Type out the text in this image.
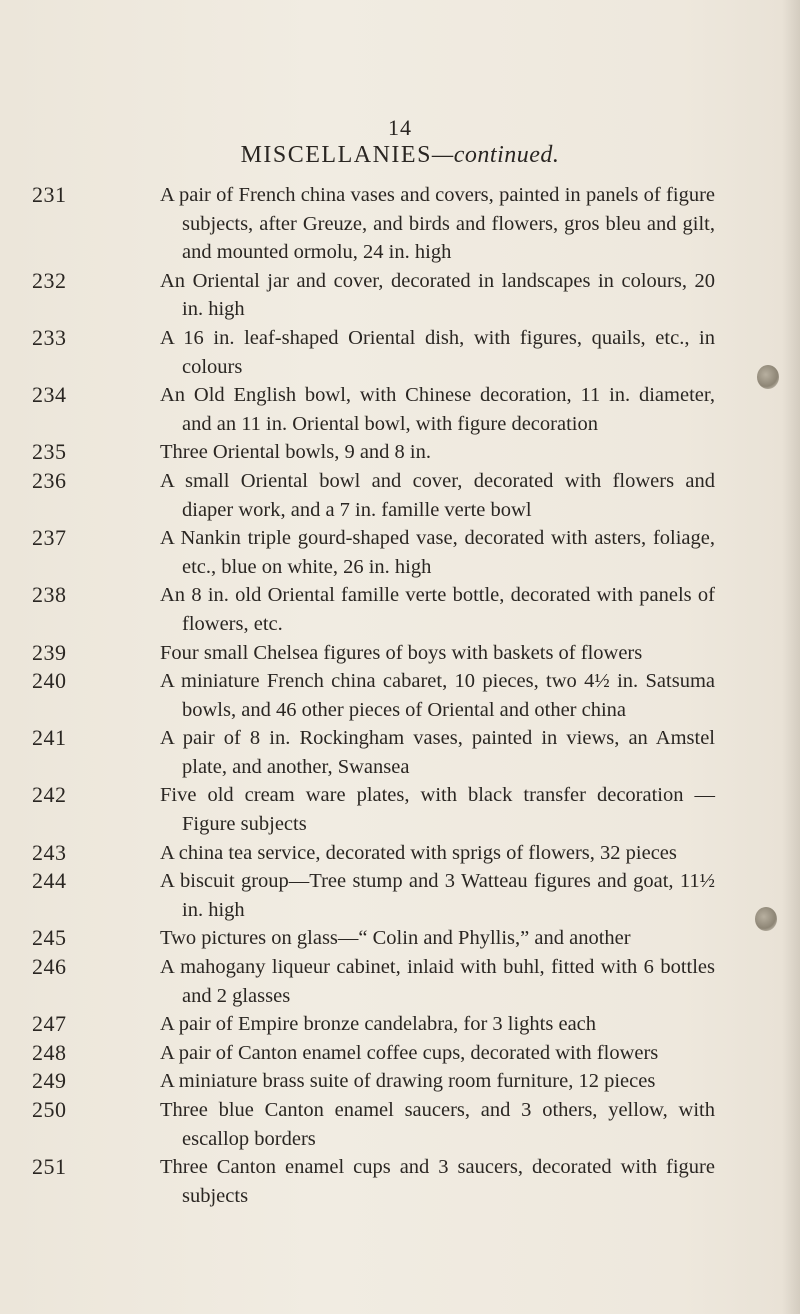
14
MISCELLANIES—continued.
231	A pair of French china vases and covers, painted in panels of figure subjects, after Greuze, and birds and flowers, gros bleu and gilt, and mounted ormolu, 24 in. high
232	An Oriental jar and cover, decorated in landscapes in colours, 20 in. high
233	A 16 in. leaf-shaped Oriental dish, with figures, quails, etc., in colours
234	An Old English bowl, with Chinese decoration, 11 in. diameter, and an 11 in. Oriental bowl, with figure decoration
235	Three Oriental bowls, 9 and 8 in.
236	A small Oriental bowl and cover, decorated with flowers and diaper work, and a 7 in. famille verte bowl
237	A Nankin triple gourd-shaped vase, decorated with asters, foliage, etc., blue on white, 26 in. high
238	An 8 in. old Oriental famille verte bottle, decorated with panels of flowers, etc.
239	Four small Chelsea figures of boys with baskets of flowers
240	A miniature French china cabaret, 10 pieces, two 4½ in. Satsuma bowls, and 46 other pieces of Oriental and other china
241	A pair of 8 in. Rockingham vases, painted in views, an Amstel plate, and another, Swansea
242	Five old cream ware plates, with black transfer decoration —Figure subjects
243	A china tea service, decorated with sprigs of flowers, 32 pieces
244	A biscuit group—Tree stump and 3 Watteau figures and goat, 11½ in. high
245	Two pictures on glass—“ Colin and Phyllis,” and another
246	A mahogany liqueur cabinet, inlaid with buhl, fitted with 6 bottles and 2 glasses
247	A pair of Empire bronze candelabra, for 3 lights each
248	A pair of Canton enamel coffee cups, decorated with flowers
249	A miniature brass suite of drawing room furniture, 12 pieces
250	Three blue Canton enamel saucers, and 3 others, yellow, with escallop borders
251	Three Canton enamel cups and 3 saucers, decorated with figure subjects
